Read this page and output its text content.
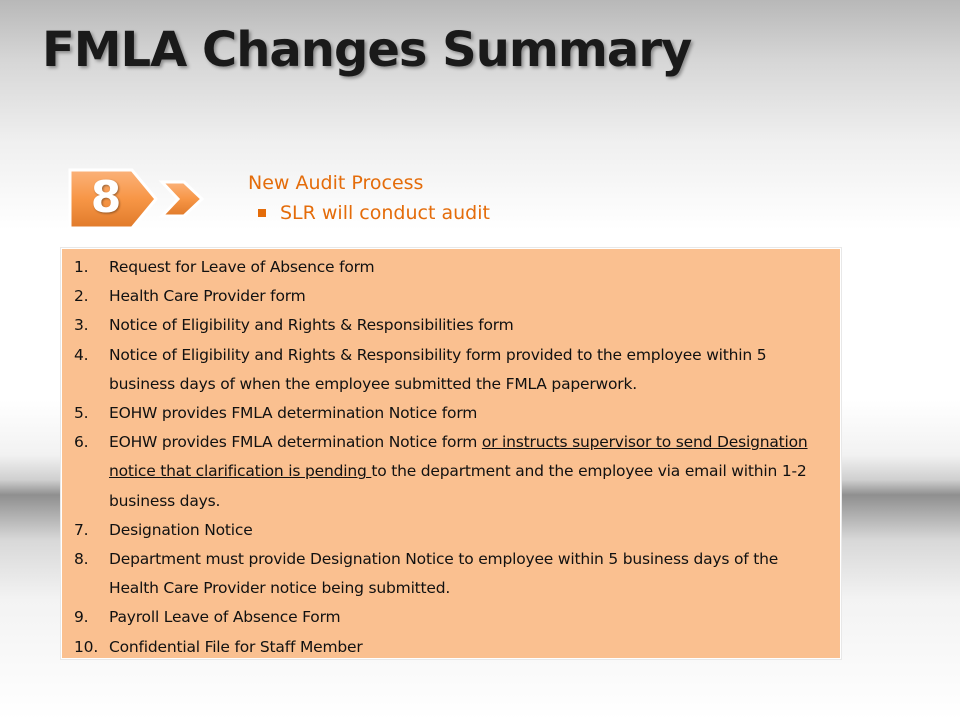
FMLA Changes Summary
8	New Audit Process
SLR will conduct audit
1. Request for Leave of Absence form
2. Health Care Provider form
3. Notice of Eligibility and Rights & Responsibilities form
4. Notice of Eligibility and Rights & Responsibility form provided to the employee within 5 business days of when the employee submitted the FMLA paperwork.
5. EOHW provides FMLA determination Notice form
6. EOHW provides FMLA determination Notice form or instructs supervisor to send Designation notice that clarification is pending to the department and the employee via email within 1-2 business days.
7. Designation Notice
8. Department must provide Designation Notice to employee within 5 business days of the Health Care Provider notice being submitted.
9. Payroll Leave of Absence Form
10. Confidential File for Staff Member
